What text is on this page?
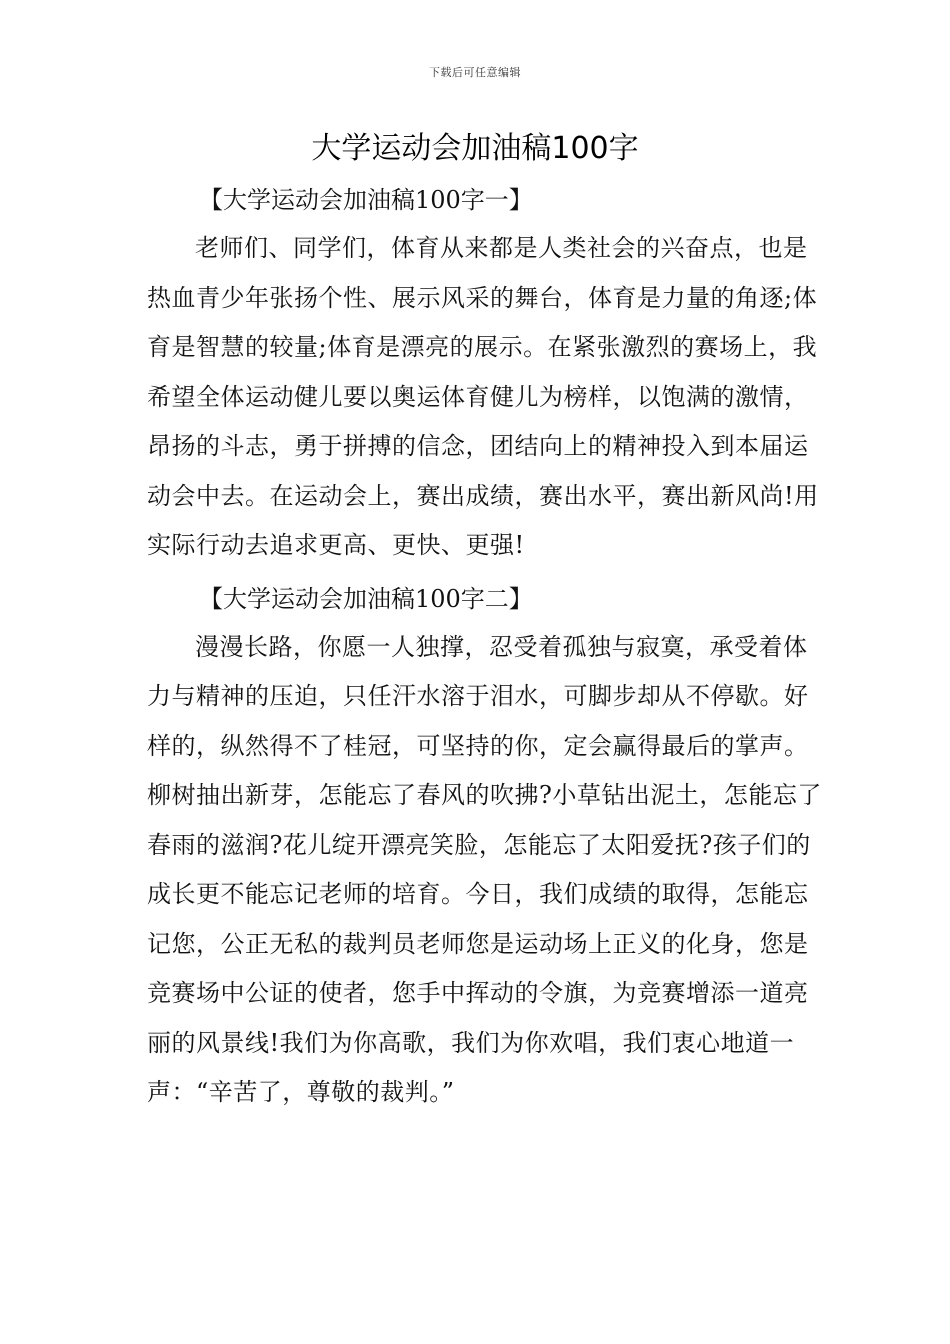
下载后可任意编辑
大学运动会加油稿100字
【大学运动会加油稿100字一】

老师们、同学们，体育从来都是人类社会的兴奋点，也是热血青少年张扬个性、展示风采的舞台，体育是力量的角逐;体育是智慧的较量;体育是漂亮的展示。在紧张激烈的赛场上，我希望全体运动健儿要以奥运体育健儿为榜样，以饱满的激情，昂扬的斗志，勇于拼搏的信念，团结向上的精神投入到本届运动会中去。在运动会上，赛出成绩，赛出水平，赛出新风尚!用实际行动去追求更高、更快、更强!

【大学运动会加油稿100字二】

漫漫长路，你愿一人独撑，忍受着孤独与寂寞，承受着体力与精神的压迫，只任汗水溶于泪水，可脚步却从不停歇。好样的，纵然得不了桂冠，可坚持的你，定会赢得最后的掌声。柳树抽出新芽，怎能忘了春风的吹拂?小草钻出泥土，怎能忘了春雨的滋润?花儿绽开漂亮笑脸，怎能忘了太阳爱抚?孩子们的成长更不能忘记老师的培育。今日，我们成绩的取得，怎能忘记您，公正无私的裁判员老师您是运动场上正义的化身，您是竞赛场中公证的使者，您手中挥动的令旗，为竞赛增添一道亮丽的风景线!我们为你高歌，我们为你欢唱，我们衷心地道一声：“辛苦了，尊敬的裁判。”
